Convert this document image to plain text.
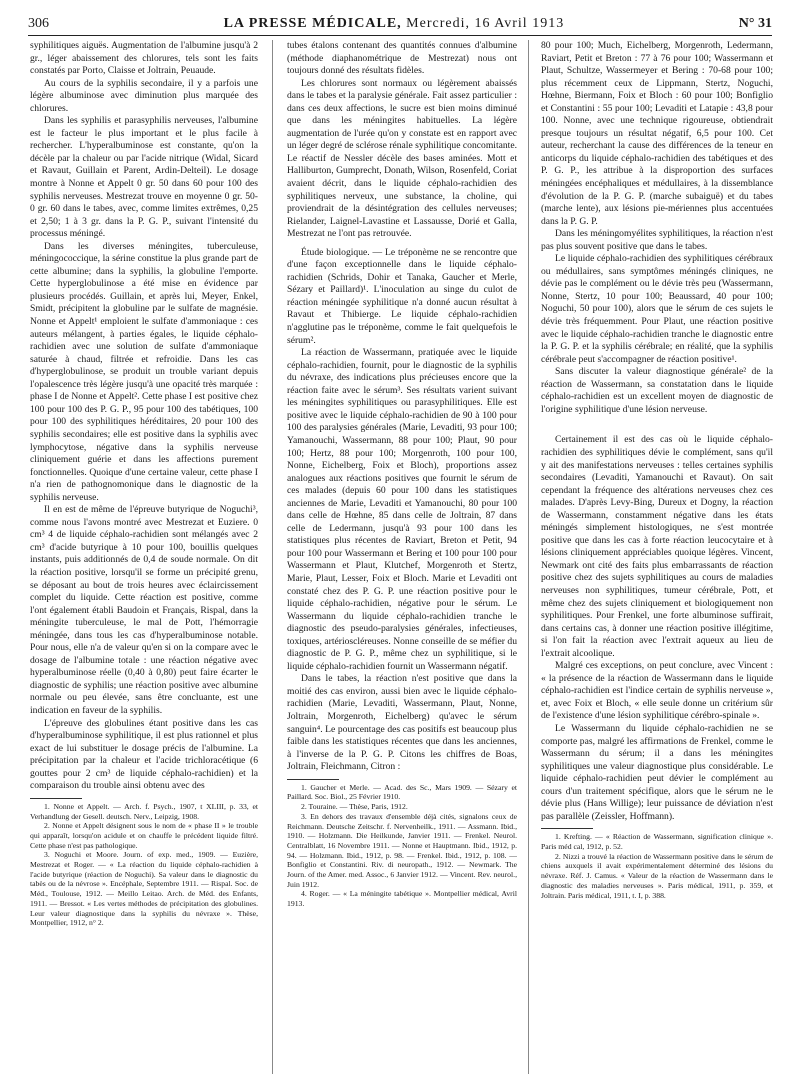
306	LA PRESSE MÉDICALE, Mercredi, 16 Avril 1913	N° 31

syphilitiques aiguës. Augmentation de l'albumine jusqu'à 2 gr., léger abaissement des chlorures, tels sont les faits constatés par Porto, Claisse et Joltrain, Peuaude.

Au cours de la syphilis secondaire, il y a parfois une légère albuminose avec diminution plus marquée des chlorures.

Dans les syphilis et parasyphilis nerveuses, l'albumine est le facteur le plus important et le plus facile à rechercher. L'hyperalbuminose est constante, qu'on la décèle par la chaleur ou par l'acide nitrique (Widal, Sicard et Ravaut, Guillain et Parent, Ardin-Delteil). Le dosage montre à Nonne et Appelt 0 gr. 50 dans 60 pour 100 des syphilis nerveuses. Mestrezat trouve en moyenne 0 gr. 50-0 gr. 60 dans le tabes, avec, comme limites extrêmes, 0,25 et 2,50; 1 à 3 gr. dans la P. G. P., suivant l'intensité du processus méningé.

Dans les diverses méningites, tuberculeuse, méningococcique, la sérine constitue la plus grande part de cette albumine; dans la syphilis, la globuline l'emporte. Cette hyperglobulinose a été mise en évidence par plusieurs procédés. Guillain, et après lui, Meyer, Enkel, Smidt, précipitent la globuline par le sulfate de magnésie. Nonne et Appelt¹ emploient le sulfate d'ammoniaque : ces auteurs mélangent, à parties égales, le liquide céphalo-rachidien avec une solution de sulfate d'ammoniaque saturée à chaud, filtrée et refroidie. Dans les cas d'hyperglobulinose, se produit un trouble variant depuis l'opalescence très légère jusqu'à une opacité très marquée : phase I de Nonne et Appelt². Cette phase I est positive chez 100 pour 100 des P. G. P., 95 pour 100 des tabétiques, 100 pour 100 des syphilitiques héréditaires, 20 pour 100 des syphilis secondaires; elle est positive dans la syphilis avec lymphocytose, négative dans la syphilis nerveuse cliniquement guérie et dans les affections purement fonctionnelles. Quoique d'une certaine valeur, cette phase I n'a rien de pathognomonique dans le diagnostic de la syphilis nerveuse.

Il en est de même de l'épreuve butyrique de Noguchi³, comme nous l'avons montré avec Mestrezat et Euziere. 0 cm³ 4 de liquide céphalo-rachidien sont mélangés avec 2 cm³ d'acide butyrique à 10 pour 100, bouillis quelques instants, puis additionnés de 0,4 de soude normale. On dit la réaction positive, lorsqu'il se forme un précipité grenu, se déposant au bout de trois heures avec éclaircissement complet du liquide. Cette réaction est positive, comme l'ont également établi Baudoin et Français, Rispal, dans la méningite tuberculeuse, le mal de Pott, l'hémorragie méningée, dans tous les cas d'hyperalbuminose notable. Pour nous, elle n'a de valeur qu'en si on la compare avec le dosage de l'albumine totale : une réaction négative avec hyperalbuminose réelle (0,40 à 0,80) peut faire écarter le diagnostic de syphilis; une réaction positive avec albumine normale ou peu élevée, sans être concluante, est une indication en faveur de la syphilis.

L'épreuve des globulines étant positive dans les cas d'hyperalbuminose syphilitique, il est plus rationnel et plus exact de lui substituer le dosage précis de l'albumine. La précipitation par la chaleur et l'acide trichloracétique (6 gouttes pour 2 cm³ de liquide céphalo-rachidien) et la comparaison du trouble ainsi obtenu avec des

1. Nonne et Appelt. — Arch. f. Psych., 1907, t XLIII, p. 33, et Verhandlung der Gesell. deutsch. Nerv., Leipzig, 1908.

2. Nonne et Appelt désignent sous le nom de « phase II » le trouble qui apparaît, lorsqu'on acidule et on chauffe le précédent liquide filtré. Cette phase n'est pas pathologique.

3. Noguchi et Moore. Journ. of exp. med., 1909. — Euzière, Mestrezat et Roger. — « La réaction du liquide céphalo-rachidien à l'acide butyrique (réaction de Noguchi). Sa valeur dans le diagnostic du tabès ou de la névrose ». Encéphale, Septembre 1911. — Rispal. Soc. de Méd., Toulouse, 1912. — Meillo Leitao. Arch. de Méd. des Enfants, 1911. — Bressot. « Les vertes méthodes de précipitation des globulines. Leur valeur diagnostique dans la syphilis du névraxe ». Thèse, Montpellier, 1912, n° 2.

tubes étalons contenant des quantités connues d'albumine (méthode diaphanométrique de Mestrezat) nous ont toujours donné des résultats fidèles.

Les chlorures sont normaux ou légèrement abaissés dans le tabes et la paralysie générale. Fait assez particulier : dans ces deux affections, le sucre est bien moins diminué que dans les méningites habituelles. La légère augmentation de l'urée qu'on y constate est en rapport avec un léger degré de sclérose rénale syphilitique concomitante. Le réactif de Nessler décèle des bases aminées. Mott et Halliburton, Gumprecht, Donath, Wilson, Rosenfeld, Coriat avaient décrit, dans le liquide céphalo-rachidien des syphilitiques nerveux, une substance, la choline, qui proviendrait de la désintégration des cellules nerveuses; Rielander, Laignel-Lavastine et Lassausse, Dorié et Galla, Mestrezat ne l'ont pas retrouvée.

Étude biologique. — Le tréponème ne se rencontre que d'une façon exceptionnelle dans le liquide céphalo-rachidien (Schrids, Dohir et Tanaka, Gaucher et Merle, Sézary et Paillard)¹. L'inoculation au singe du culot de réaction méningée syphilitique n'a donné aucun résultat à Ravaut et Thibierge. Le liquide céphalo-rachidien n'agglutine pas le tréponème, comme le fait quelquefois le sérum².

La réaction de Wassermann, pratiquée avec le liquide céphalo-rachidien, fournit, pour le diagnostic de la syphilis du névraxe, des indications plus précieuses encore que la réaction faite avec le sérum³. Ses résultats varient suivant les méningites syphilitiques ou parasyphilitiques. Elle est positive avec le liquide céphalo-rachidien de 90 à 100 pour 100 des paralysies générales (Marie, Levaditi, 93 pour 100; Yamanouchi, Wassermann, 88 pour 100; Plaut, 90 pour 100; Hertz, 88 pour 100; Morgenroth, 100 pour 100, Nonne, Eichelberg, Foix et Bloch), proportions assez analogues aux réactions positives que fournit le sérum de ces malades (depuis 60 pour 100 dans les statistiques anciennes de Marie, Levaditi et Yamanouchi, 80 pour 100 dans celle de Hœhne, 85 dans celle de Joltrain, 87 dans celle de Ledermann, jusqu'à 93 pour 100 dans les statistiques plus récentes de Raviart, Breton et Petit, 94 pour 100 pour Wassermann et Bering et 100 pour 100 pour Wassermann et Plaut, Klutchef, Morgenroth et Stertz, Marie, Plaut, Lesser, Foix et Bloch. Marie et Levaditi ont constaté chez des P. G. P. une réaction positive pour le liquide céphalo-rachidien, négative pour le sérum. Le Wassermann du liquide céphalo-rachidien tranche le diagnostic des pseudo-paralysies générales, infectieuses, toxiques, artérioscléreuses. Nonne conseille de se méfier du diagnostic de P. G. P., même chez un syphilitique, si le liquide céphalo-rachidien fournit un Wassermann négatif.

Dans le tabes, la réaction n'est positive que dans la moitié des cas environ, aussi bien avec le liquide céphalo-rachidien (Marie, Levaditi, Wassermann, Plaut, Nonne, Joltrain, Morgenroth, Eichelberg) qu'avec le sérum sanguin⁴. Le pourcentage des cas positifs est beaucoup plus faible dans les statistiques récentes que dans les anciennes, à l'inverse de la P. G. P. Citons les chiffres de Boas, Joltrain, Fleichmann, Citron :

1. Gaucher et Merle. — Acad. des Sc., Mars 1909. — Sézary et Paillard. Soc. Biol., 25 Février 1910.

2. Touraine. — Thèse, Paris, 1912.

3. En dehors des travaux d'ensemble déjà cités, signalons ceux de Reichmann. Deutsche Zeitschr. f. Nervenheilk., 1911. — Assmann. Ibid., 1910. — Holzmann. Die Heilkunde, Janvier 1911. — Frenkel. Neurol. Centralblatt, 16 Novembre 1911. — Nonne et Hauptmann. Ibid., 1912, p. 94. — Holzmann. Ibid., 1912, p. 98. — Frenkel. Ibid., 1912, p. 108. — Bonfiglio et Constantini. Riv. di neuropath., 1912. — Newmark. The Journ. of the Amer. med. Assoc., 6 Janvier 1912. — Vincent. Rev. neurol., Juin 1912.

4. Roger. — « La méningite tabétique ». Montpellier médical, Avril 1913.

80 pour 100; Much, Eichelberg, Morgenroth, Ledermann, Raviart, Petit et Breton : 77 à 76 pour 100; Wassermann et Plaut, Schultze, Wassermeyer et Bering : 70-68 pour 100; plus récemment ceux de Lippmann, Stertz, Noguchi, Hœhne, Biermann, Foix et Bloch : 60 pour 100; Bonfiglio et Constantini : 55 pour 100; Levaditi et Latapie : 43,8 pour 100. Nonne, avec une technique rigoureuse, obtiendrait presque toujours un résultat négatif, 6,5 pour 100. Cet auteur, recherchant la cause des différences de la teneur en anticorps du liquide céphalo-rachidien des tabétiques et des P. G. P., les attribue à la disproportion des surfaces méningées encéphaliques et médullaires, à la dissemblance d'évolution de la P. G. P. (marche subaiguë) et du tabes (marche lente), aux lésions pie-mériennes plus accentuées dans la P. G. P.

Dans les méningomyélites syphilitiques, la réaction n'est pas plus souvent positive que dans le tabes.

Le liquide céphalo-rachidien des syphilitiques cérébraux ou médullaires, sans symptômes méningés cliniques, ne dévie pas le complément ou le dévie très peu (Wassermann, Nonne, Stertz, 10 pour 100; Beaussard, 40 pour 100; Noguchi, 50 pour 100), alors que le sérum de ces sujets le dévie très fréquemment. Pour Plaut, une réaction positive avec le liquide céphalo-rachidien tranche le diagnostic entre la P. G. P. et la syphilis cérébrale; en réalité, que la syphilis cérébrale peut s'accompagner de réaction positive¹.

Sans discuter la valeur diagnostique générale² de la réaction de Wassermann, sa constatation dans le liquide céphalo-rachidien est un excellent moyen de diagnostic de l'origine syphilitique d'une lésion nerveuse.

Certainement il est des cas où le liquide céphalo-rachidien des syphilitiques dévie le complément, sans qu'il y ait des manifestations nerveuses : telles certaines syphilis secondaires (Levaditi, Yamanouchi et Ravaut). On sait cependant la fréquence des altérations nerveuses chez ces malades. D'après Levy-Bing, Dureux et Dogny, la réaction de Wassermann, constamment négative dans les états méningés simplement histologiques, ne s'est montrée positive que dans les cas à forte réaction leucocytaire et à lésions cliniquement appréciables quoique légères. Vincent, Newmark ont cité des faits plus embarrassants de réaction positive chez des sujets syphilitiques au cours de maladies nerveuses non syphilitiques, tumeur cérébrale, Pott, et même chez des sujets cliniquement et biologiquement non syphilitiques. Pour Frenkel, une forte albuminose suffirait, dans certains cas, à donner une réaction positive illégitime, si l'on fait la réaction avec l'extrait aqueux au lieu de l'extrait alcoolique.

Malgré ces exceptions, on peut conclure, avec Vincent : « la présence de la réaction de Wassermann dans le liquide céphalo-rachidien est l'indice certain de syphilis nerveuse », et, avec Foix et Bloch, « elle seule donne un critérium sûr de l'existence d'une lésion syphilitique cérébro-spinale ».

Le Wassermann du liquide céphalo-rachidien ne se comporte pas, malgré les affirmations de Frenkel, comme le Wassermann du sérum; il a dans les méningites syphilitiques une valeur diagnostique plus considérable. Le liquide céphalo-rachidien peut dévier le complément au cours d'un traitement spécifique, alors que le sérum ne le dévie plus (Hans Willige); leur puissance de déviation n'est pas parallèle (Zeissler, Hoffmann).

1. Krefting. — « Réaction de Wassermann, signification clinique ». Paris méd cal, 1912, p. 52.

2. Nizzi a trouvé la réaction de Wassermann positive dans le sérum de chiens auxquels il avait expérimentalement déterminé des lésions du névraxe. Réf. J. Camus. « Valeur de la réaction de Wassermann dans le diagnostic des maladies nerveuses ». Paris médical, 1911, p. 359, et Joltrain. Paris médical, 1911, t. I, p. 388.
